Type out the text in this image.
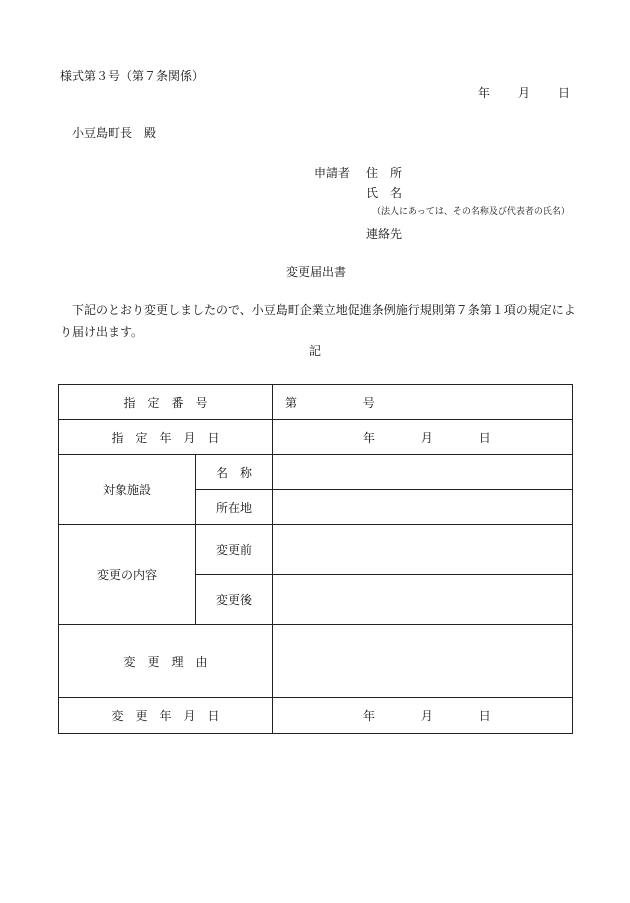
様式第３号（第７条関係）
年 月 日
小豆島町長　殿
申請者 住　所
氏　名
（法人にあっては、その名称及び代表者の氏名）
連絡先
変更届出書
下記のとおり変更しましたので、小豆島町企業立地促進条例施行規則第７条第１項の規定により届け出ます。
記
指　定　番　号		第 号
指　定　年　月　日		年 月 日
対象施設	名　称	
	所在地	
変更の内容	変更前	
	変更後	
変　更　理　由		
変　更　年　月　日		年 月 日
